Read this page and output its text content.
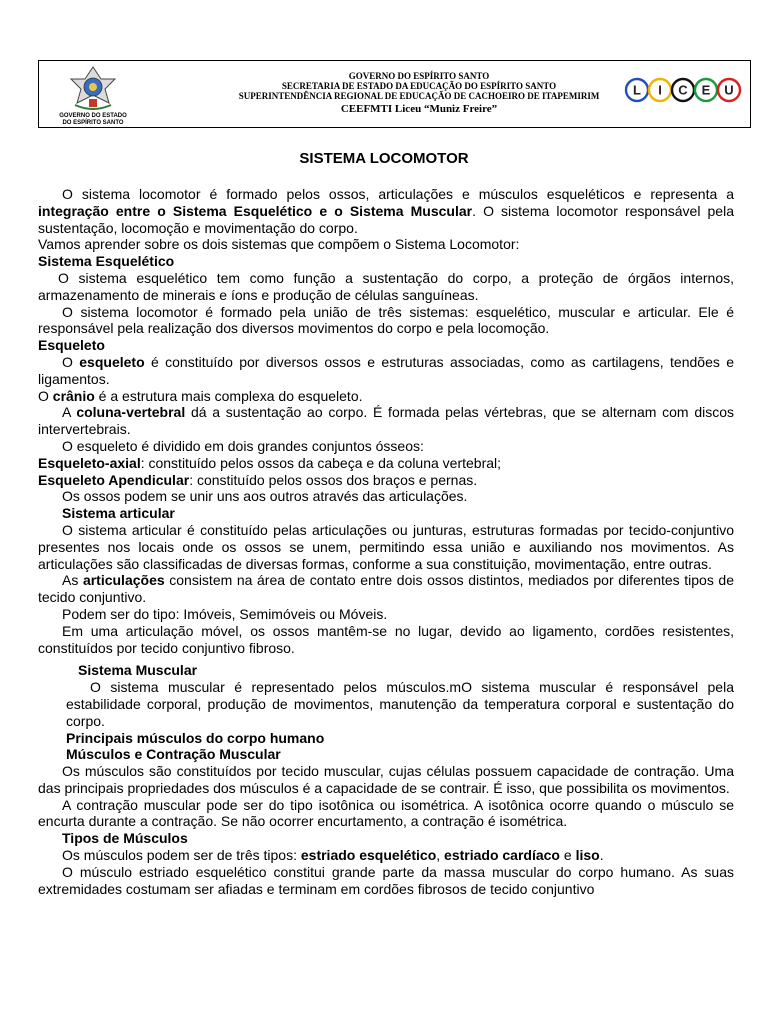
GOVERNO DO ESTADO
DO ESPÍRITO SANTO
GOVERNO DO ESPÍRITO SANTO
SECRETARIA DE ESTADO DA EDUCAÇÃO DO ESPÍRITO SANTO
SUPERINTENDÊNCIA REGIONAL DE EDUCAÇÃO DE CACHOEIRO DE ITAPEMIRIM
CEEFMTI Liceu “Muniz Freire”
L I C E U
SISTEMA LOCOMOTOR

O sistema locomotor é formado pelos ossos, articulações e músculos esqueléticos e representa a integração entre o Sistema Esquelético e o Sistema Muscular. O sistema locomotor responsável pela sustentação, locomoção e movimentação do corpo.

Vamos aprender sobre os dois sistemas que compõem o Sistema Locomotor:

Sistema Esquelético

O sistema esquelético tem como função a sustentação do corpo, a proteção de órgãos internos, armazenamento de minerais e íons e produção de células sanguíneas.

O sistema locomotor é formado pela união de três sistemas: esquelético, muscular e articular. Ele é responsável pela realização dos diversos movimentos do corpo e pela locomoção.

Esqueleto

O esqueleto é constituído por diversos ossos e estruturas associadas, como as cartilagens, tendões e ligamentos.

O crânio é a estrutura mais complexa do esqueleto.

A coluna-vertebral dá a sustentação ao corpo. É formada pelas vértebras, que se alternam com discos intervertebrais.

O esqueleto é dividido em dois grandes conjuntos ósseos:

Esqueleto-axial: constituído pelos ossos da cabeça e da coluna vertebral;

Esqueleto Apendicular: constituído pelos ossos dos braços e pernas.

Os ossos podem se unir uns aos outros através das articulações.

Sistema articular

O sistema articular é constituído pelas articulações ou junturas, estruturas formadas por tecido-conjuntivo presentes nos locais onde os ossos se unem, permitindo essa união e auxiliando nos movimentos. As articulações são classificadas de diversas formas, conforme a sua constituição, movimentação, entre outras.

As articulações consistem na área de contato entre dois ossos distintos, mediados por diferentes tipos de tecido conjuntivo.

Podem ser do tipo: Imóveis, Semimóveis ou Móveis.

Em uma articulação móvel, os ossos mantêm-se no lugar, devido ao ligamento, cordões resistentes, constituídos por tecido conjuntivo fibroso.

Sistema Muscular

O sistema muscular é representado pelos músculos.mO sistema muscular é responsável pela estabilidade corporal, produção de movimentos, manutenção da temperatura corporal e sustentação do corpo.

Principais músculos do corpo humano

Músculos e Contração Muscular

Os músculos são constituídos por tecido muscular, cujas células possuem capacidade de contração. Uma das principais propriedades dos músculos é a capacidade de se contrair. É isso, que possibilita os movimentos.

A contração muscular pode ser do tipo isotônica ou isométrica. A isotônica ocorre quando o músculo se encurta durante a contração. Se não ocorrer encurtamento, a contração é isométrica.

Tipos de Músculos

Os músculos podem ser de três tipos: estriado esquelético, estriado cardíaco e liso.

O músculo estriado esquelético constitui grande parte da massa muscular do corpo humano. As suas extremidades costumam ser afiadas e terminam em cordões fibrosos de tecido conjuntivo
